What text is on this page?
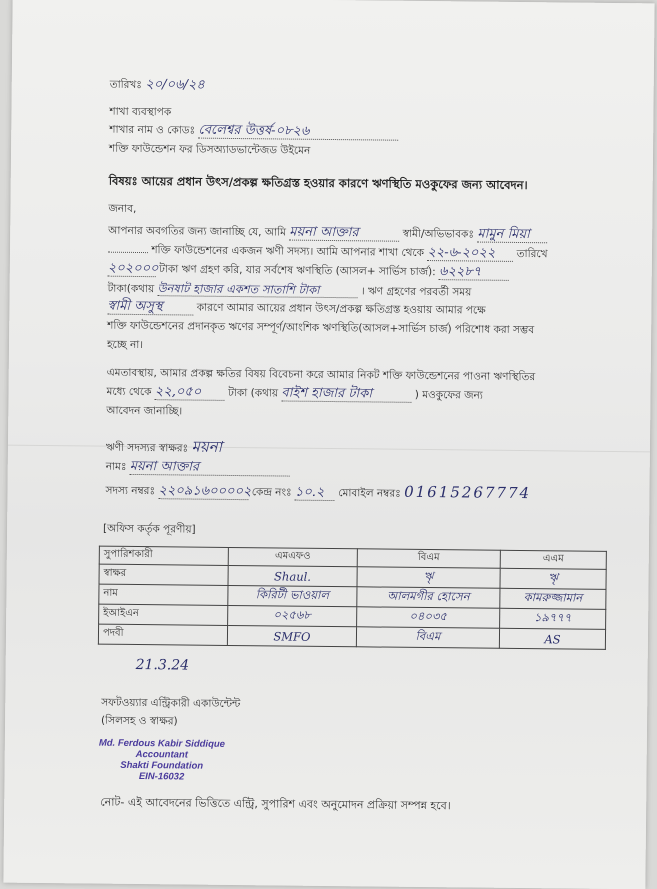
তারিখঃ ২০/০৬/২৪
শাখা ব্যবস্থাপক
শাখার নাম ও কোডঃ বেলেশ্বর উত্তর্ষ-০৮২৬
শক্তি ফাউন্ডেশন ফর ডিসঅ্যাডভান্টেজড উইমেন
বিষয়ঃ আয়ের প্রধান উৎস/প্রকল্প ক্ষতিগ্রস্ত হওয়ার কারণে ঋণস্থিতি মওকুফের জন্য আবেদন।
জনাব,
আপনার অবগতির জন্য জানাচ্ছি যে, আমি ময়না আক্তার	স্বামী/অভিভাবকঃ মামুন মিয়া
শক্তি ফাউন্ডেশনের একজন ঋণী সদস্য। আমি আপনার শাখা থেকে ২২-৬-২০২২ তারিখে
২০২০০০ টাকা ঋণ গ্রহণ করি, যার সর্বশেষ ঋণস্থিতি (আসল+ সার্ভিস চার্জ): ৬২২৮৭
টাকা(কথায় উনষাট হাজার একশত সাতাশি টাকা	। ঋণ গ্রহণের পরবর্তী সময়
স্বামী অসুস্থ	কারণে আমার আয়ের প্রধান উৎস/প্রকল্প ক্ষতিগ্রস্ত হওয়ায় আমার পক্ষে
শক্তি ফাউন্ডেশনের প্রদানকৃত ঋণের সম্পূর্ণ/আংশিক ঋণস্থিতি(আসল+সার্ভিস চার্জ) পরিশোধ করা সম্ভব
হচ্ছে না।
এমতাবস্থায়, আমার প্রকল্প ক্ষতির বিষয় বিবেচনা করে আমার নিকট শক্তি ফাউন্ডেশনের পাওনা ঋণস্থিতির
মধ্যে থেকে ২২,০৫০	টাকা (কথায় বাইশ হাজার টাকা	) মওকুফের জন্য
আবেদন জানাচ্ছি।
ঋণী সদস্যর স্বাক্ষরঃ ময়না
নামঃ ময়না আক্তার
সদস্য নম্বরঃ ২২০৯১৬০০০০২ কেন্দ্র নংঃ ১০.২ মোবাইল নম্বরঃ 01615267774
[অফিস কর্তৃক পূরণীয়]
সুপারিশকারী	এমএফও	বিএম	এএম
স্বাক্ষর	Shaul.	ৠ	ৠ
নাম	কিরিটী ভাওয়াল	আলমগীর হোসেন	কামরুজ্জামান
ইআইএন	০২৫৬৮	০৪০৩৫	১৯৭৭৭
পদবী	SMFO	বিএম	AS
21.3.24
সফটওয়্যার এন্ট্রিকারী একাউন্টেন্ট
(সিলসহ ও স্বাক্ষর)
Md. Ferdous Kabir Siddique
Accountant
Shakti Foundation
EIN-16032
নোট- এই আবেদনের ভিত্তিতে এন্ট্রি, সুপারিশ এবং অনুমোদন প্রক্রিয়া সম্পন্ন হবে।
